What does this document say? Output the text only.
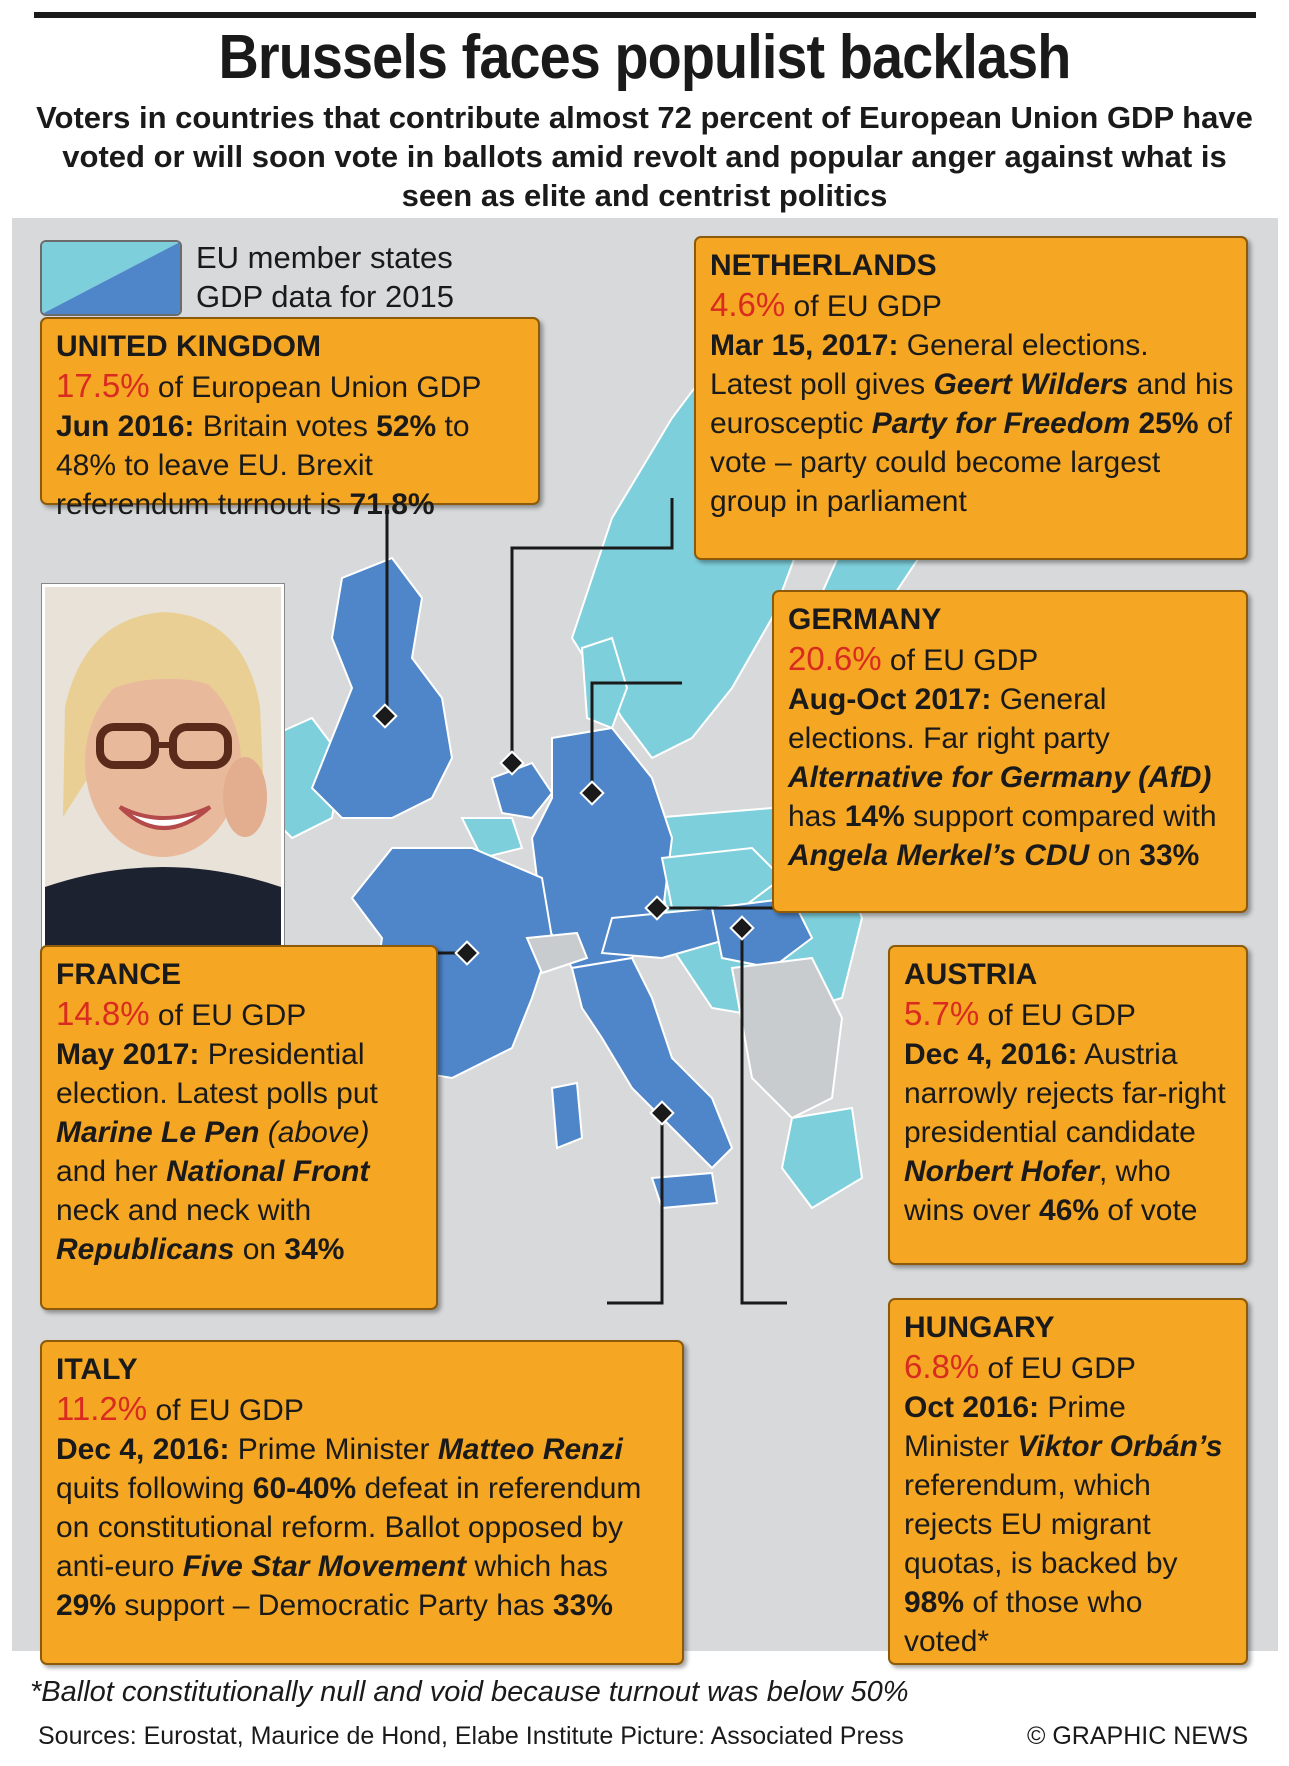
Brussels faces populist backlash
Voters in countries that contribute almost 72 percent of European Union GDP have voted or will soon vote in ballots amid revolt and popular anger against what is seen as elite and centrist politics
EU member states
GDP data for 2015
UNITED KINGDOM
17.5% of European Union GDP
Jun 2016: Britain votes 52% to 48% to leave EU. Brexit referendum turnout is 71.8%
NETHERLANDS
4.6% of EU GDP
Mar 15, 2017: General elections. Latest poll gives Geert Wilders and his eurosceptic Party for Freedom 25% of vote – party could become largest group in parliament
GERMANY
20.6% of EU GDP
Aug-Oct 2017: General elections. Far right party Alternative for Germany (AfD) has 14% support compared with Angela Merkel’s CDU on 33%
FRANCE
14.8% of EU GDP
May 2017: Presidential election. Latest polls put Marine Le Pen (above) and her National Front neck and neck with Republicans on 34%
AUSTRIA
5.7% of EU GDP
Dec 4, 2016: Austria narrowly rejects far-right presidential candidate Norbert Hofer, who wins over 46% of vote
ITALY
11.2% of EU GDP
Dec 4, 2016: Prime Minister Matteo Renzi quits following 60-40% defeat in referendum on constitutional reform. Ballot opposed by anti-euro Five Star Movement which has 29% support – Democratic Party has 33%
HUNGARY
6.8% of EU GDP
Oct 2016: Prime Minister Viktor Orbán’s referendum, which rejects EU migrant quotas, is backed by 98% of those who voted*
*Ballot constitutionally null and void because turnout was below 50%
Sources: Eurostat, Maurice de Hond, Elabe Institute Picture: Associated Press	© GRAPHIC NEWS
